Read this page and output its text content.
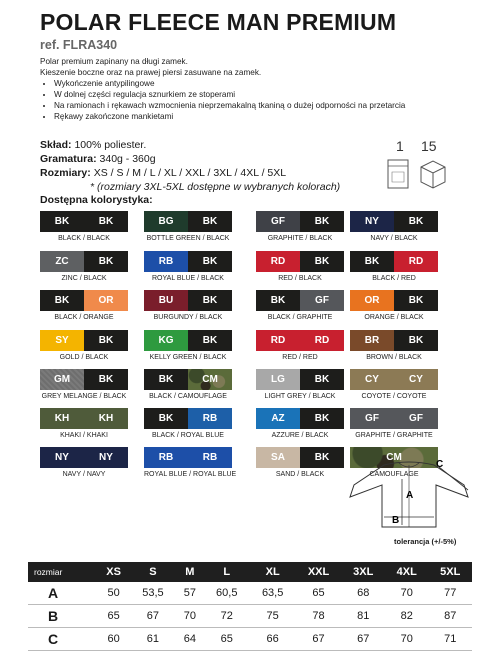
POLAR FLEECE MAN PREMIUM
ref. FLRA340

Polar premium zapinany na długi zamek.

Kieszenie boczne oraz na prawej piersi zasuwane na zamek.

• Wykończenie antypilingowe
• W dolnej części regulacja sznurkiem ze stoperami
• Na ramionach i rękawach wzmocnienia nieprzemakalną tkaniną o dużej odporności na przetarcia
• Rękawy zakończone mankietami
Skład: 100% poliester.
Gramatura: 340g - 360g
Rozmiary: XS / S / M / L / XL / XXL / 3XL / 4XL / 5XL
* (rozmiary 3XL-5XL dostępne w wybranych kolorach)
1 15
Dostępna kolorystyka:
BK	BK
BLACK / BLACK
BG	BK
BOTTLE GREEN / BLACK
GF	BK
GRAPHITE / BLACK
NY	BK
NAVY / BLACK
ZC	BK
ZINC / BLACK
RB	BK
ROYAL BLUE / BLACK
RD	BK
RED / BLACK
BK	RD
BLACK / RED
BK	OR
BLACK / ORANGE
BU	BK
BURGUNDY / BLACK
BK	GF
BLACK / GRAPHITE
OR	BK
ORANGE / BLACK
SY	BK
GOLD / BLACK
KG	BK
KELLY GREEN / BLACK
RD	RD
RED / RED
BR	BK
BROWN / BLACK
GM	BK
GREY MELANGE / BLACK
BK	CM
BLACK / CAMOUFLAGE
LG	BK
LIGHT GREY / BLACK
CY	CY
COYOTE / COYOTE
KH	KH
KHAKI / KHAKI
BK	RB
BLACK / ROYAL BLUE
AZ	BK
AZZURE / BLACK
GF	GF
GRAPHITE / GRAPHITE
NY	NY
NAVY / NAVY
RB	RB
ROYAL BLUE / ROYAL BLUE
SA	BK
SAND / BLACK
CM
CAMOUFLAGE
A
B
C
tolerancja (+/-5%)
rozmiar	XS	S	M	L	XL	XXL	3XL	4XL	5XL
A	50	53,5	57	60,5	63,5	65	68	70	77
B	65	67	70	72	75	78	81	82	87
C	60	61	64	65	66	67	67	70	71
